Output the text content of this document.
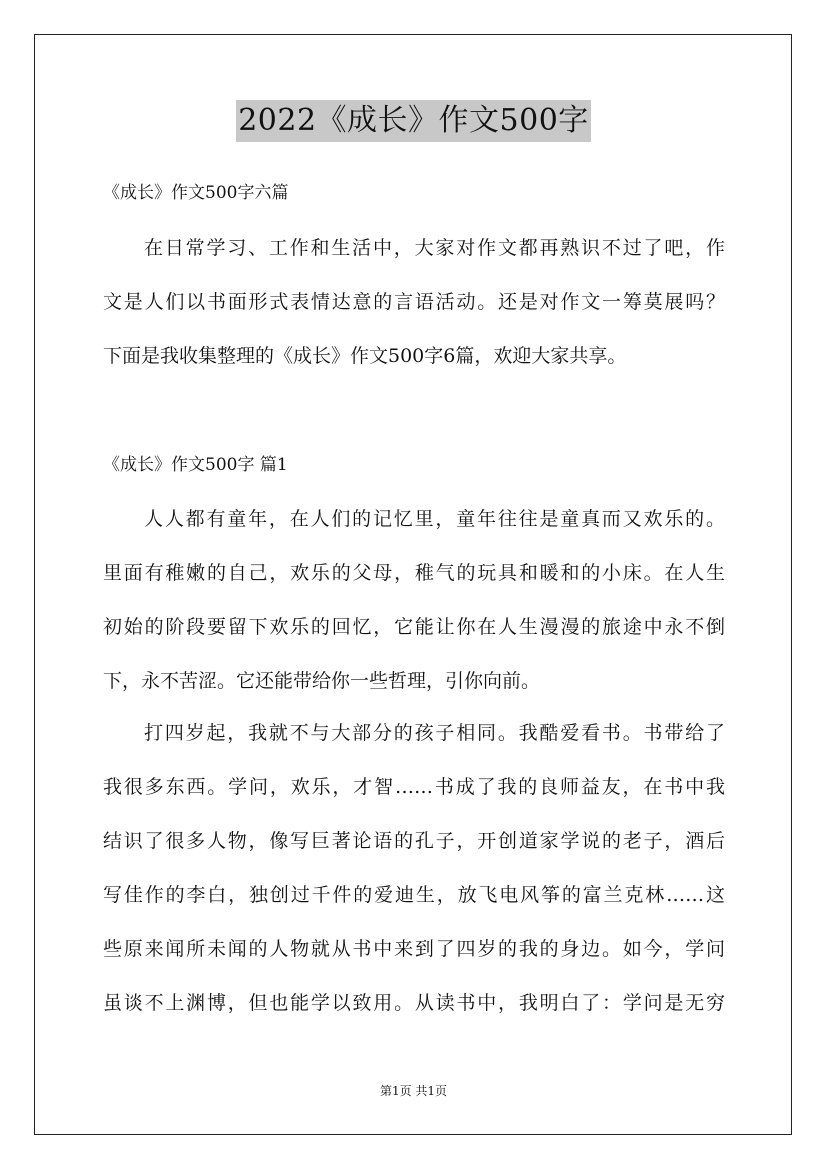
2022《成长》作文500字
《成长》作文500字六篇
在日常学习、工作和生活中，大家对作文都再熟识不过了吧，作
文是人们以书面形式表情达意的言语活动。还是对作文一筹莫展吗？
下面是我收集整理的《成长》作文500字6篇，欢迎大家共享。
《成长》作文500字 篇1
人人都有童年，在人们的记忆里，童年往往是童真而又欢乐的。
里面有稚嫩的自己，欢乐的父母，稚气的玩具和暖和的小床。在人生
初始的阶段要留下欢乐的回忆，它能让你在人生漫漫的旅途中永不倒
下，永不苦涩。它还能带给你一些哲理，引你向前。
打四岁起，我就不与大部分的孩子相同。我酷爱看书。书带给了
我很多东西。学问，欢乐，才智……书成了我的良师益友，在书中我
结识了很多人物，像写巨著论语的孔子，开创道家学说的老子，酒后
写佳作的李白，独创过千件的爱迪生，放飞电风筝的富兰克林……这
些原来闻所未闻的人物就从书中来到了四岁的我的身边。如今，学问
虽谈不上渊博，但也能学以致用。从读书中，我明白了：学问是无穷
第1页 共1页
